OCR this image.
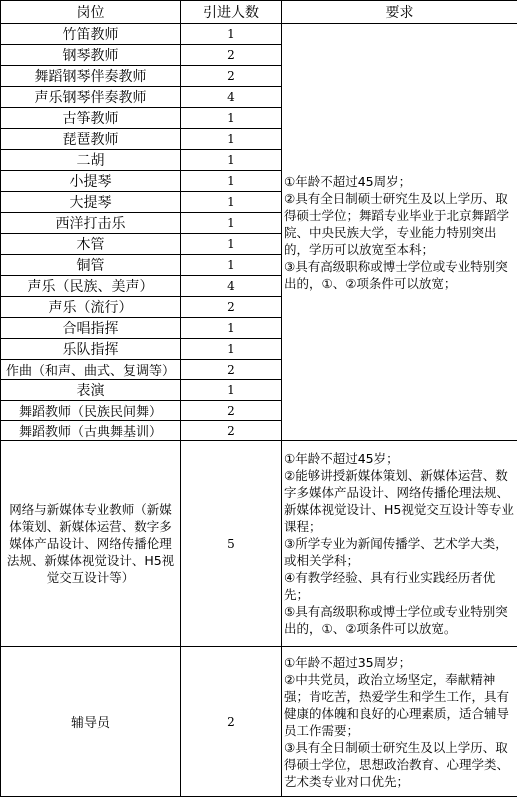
岗位	引进人数	要求
竹笛教师	1	①年龄不超过45周岁；
②具有全日制硕士研究生及以上学历、取得硕士学位；舞蹈专业毕业于北京舞蹈学院、中央民族大学，专业能力特别突出的，学历可以放宽至本科；
③具有高级职称或博士学位或专业特别突出的，①、②项条件可以放宽；

钢琴教师	2	
舞蹈钢琴伴奏教师	2	
声乐钢琴伴奏教师	4	
古筝教师	1	
琵琶教师	1	
二胡	1	
小提琴	1	
大提琴	1	
西洋打击乐	1	
木管	1	
铜管	1	
声乐（民族、美声）	4	
声乐（流行）	2	
合唱指挥	1	
乐队指挥	1	
作曲（和声、曲式、复调等）	2	
表演	1	
舞蹈教师（民族民间舞）	2	
舞蹈教师（古典舞基训）	2	
网络与新媒体专业教师（新媒体策划、新媒体运营、数字多媒体产品设计、网络传播伦理法规、新媒体视觉设计、H5视觉交互设计等）	5	①年龄不超过45岁；
②能够讲授新媒体策划、新媒体运营、数字多媒体产品设计、网络传播伦理法规、新媒体视觉设计、H5视觉交互设计等专业课程；
③所学专业为新闻传播学、艺术学大类，或相关学科；
④有教学经验、具有行业实践经历者优先；
⑤具有高级职称或博士学位或专业特别突出的，①、②项条件可以放宽。

辅导员	2	①年龄不超过35周岁；
②中共党员，政治立场坚定，奉献精神强；肯吃苦，热爱学生和学生工作，具有健康的体魄和良好的心理素质，适合辅导员工作需要；
③具有全日制硕士研究生及以上学历、取得硕士学位，思想政治教育、心理学类、艺术类专业对口优先；
